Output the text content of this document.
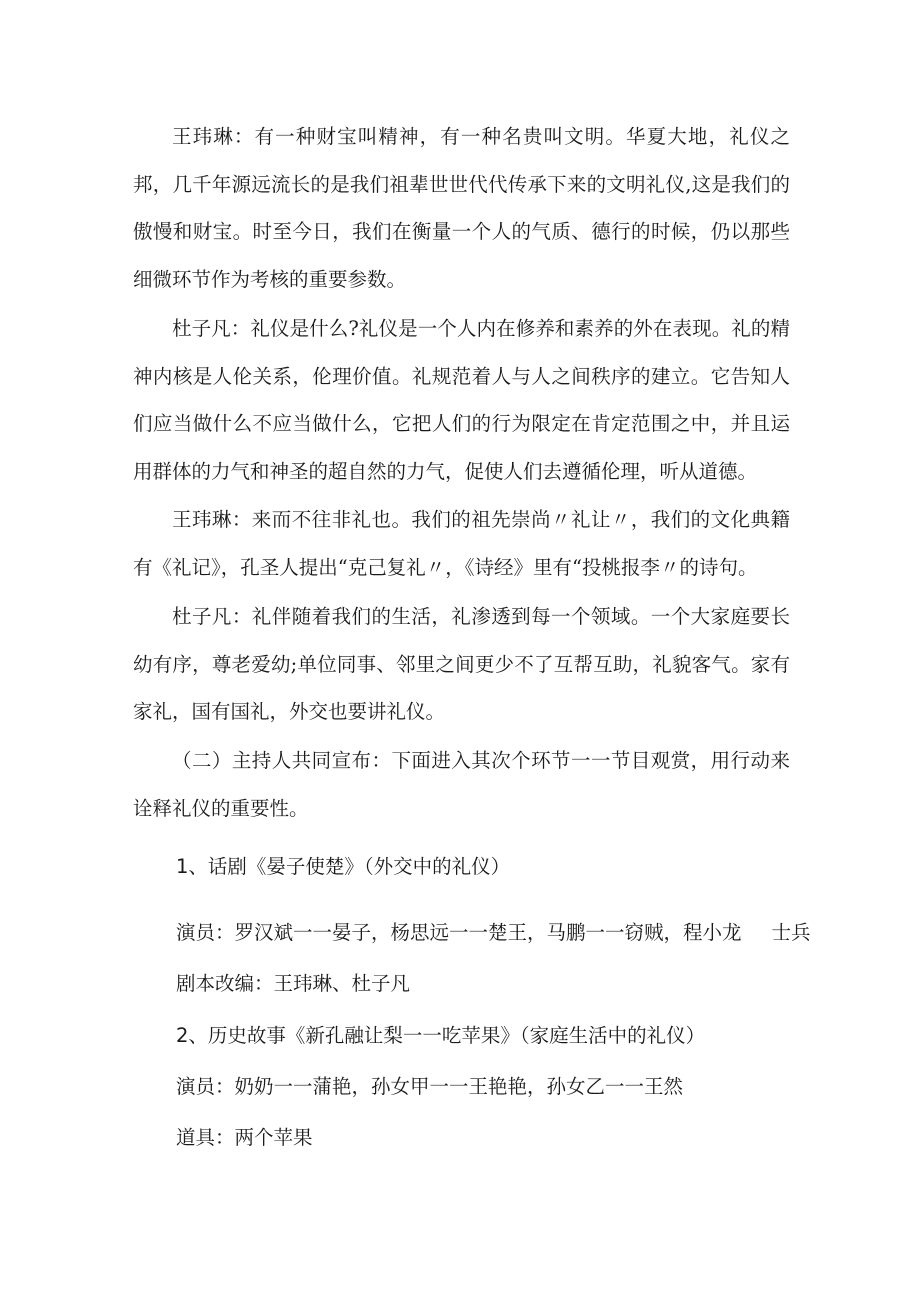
王玮琳：有一种财宝叫精神，有一种名贵叫文明。华夏大地，礼仪之邦，几千年源远流长的是我们祖辈世世代代传承下来的文明礼仪,这是我们的傲慢和财宝。时至今日，我们在衡量一个人的气质、德行的时候，仍以那些细微环节作为考核的重要参数。

杜子凡：礼仪是什么?礼仪是一个人内在修养和素养的外在表现。礼的精神内核是人伦关系，伦理价值。礼规范着人与人之间秩序的建立。它告知人们应当做什么不应当做什么，它把人们的行为限定在肯定范围之中，并且运用群体的力气和神圣的超自然的力气，促使人们去遵循伦理，听从道德。

王玮琳：来而不往非礼也。我们的祖先崇尚〃礼让〃，我们的文化典籍有《礼记》，孔圣人提出“克己复礼〃，《诗经》里有“投桃报李〃的诗句。

杜子凡：礼伴随着我们的生活，礼渗透到每一个领域。一个大家庭要长幼有序，尊老爱幼;单位同事、邻里之间更少不了互帮互助，礼貌客气。家有家礼，国有国礼，外交也要讲礼仪。

（二）主持人共同宣布：下面进入其次个环节一一节目观赏，用行动来诠释礼仪的重要性。

1、话剧《晏子使楚》（外交中的礼仪）

演员：罗汉斌一一晏子，杨思远一一楚王，马鹏一一窃贼，程小龙 士兵

剧本改编：王玮琳、杜子凡

2、历史故事《新孔融让梨一一吃苹果》（家庭生活中的礼仪）

演员：奶奶一一蒲艳，孙女甲一一王艳艳，孙女乙一一王然

道具：两个苹果
